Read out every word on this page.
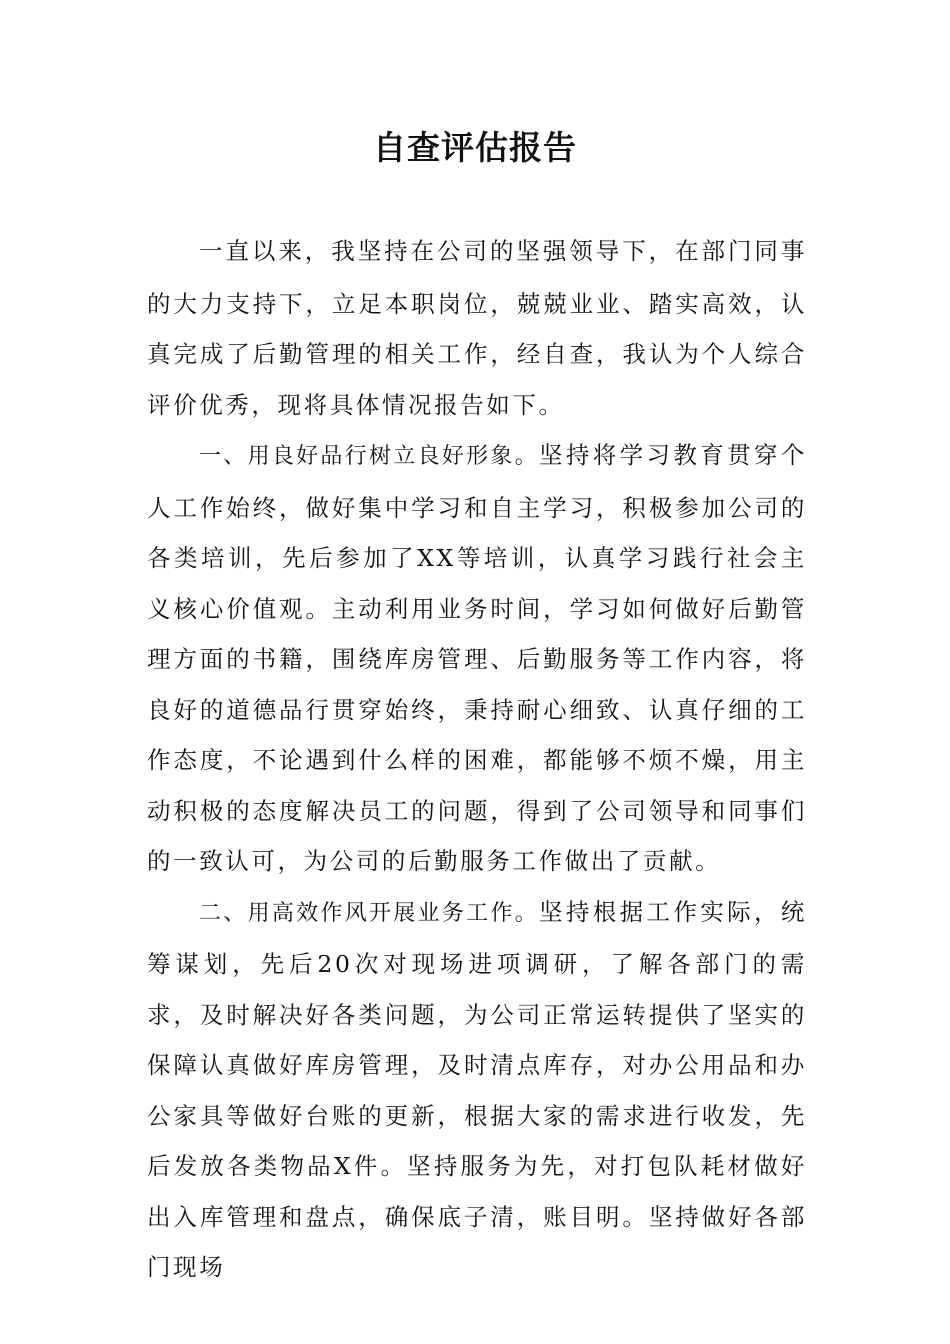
自查评估报告

一直以来，我坚持在公司的坚强领导下，在部门同事的大力支持下，立足本职岗位，兢兢业业、踏实高效，认真完成了后勤管理的相关工作，经自查，我认为个人综合评价优秀，现将具体情况报告如下。

一、用良好品行树立良好形象。坚持将学习教育贯穿个人工作始终，做好集中学习和自主学习，积极参加公司的各类培训，先后参加了XX等培训，认真学习践行社会主义核心价值观。主动利用业务时间，学习如何做好后勤管理方面的书籍，围绕库房管理、后勤服务等工作内容，将良好的道德品行贯穿始终，秉持耐心细致、认真仔细的工作态度，不论遇到什么样的困难，都能够不烦不燥，用主动积极的态度解决员工的问题，得到了公司领导和同事们的一致认可，为公司的后勤服务工作做出了贡献。

二、用高效作风开展业务工作。坚持根据工作实际，统筹谋划，先后20次对现场进项调研，了解各部门的需求，及时解决好各类问题，为公司正常运转提供了坚实的保障认真做好库房管理，及时清点库存，对办公用品和办公家具等做好台账的更新，根据大家的需求进行收发，先后发放各类物品X件。坚持服务为先，对打包队耗材做好出入库管理和盘点，确保底子清，账目明。坚持做好各部门现场
